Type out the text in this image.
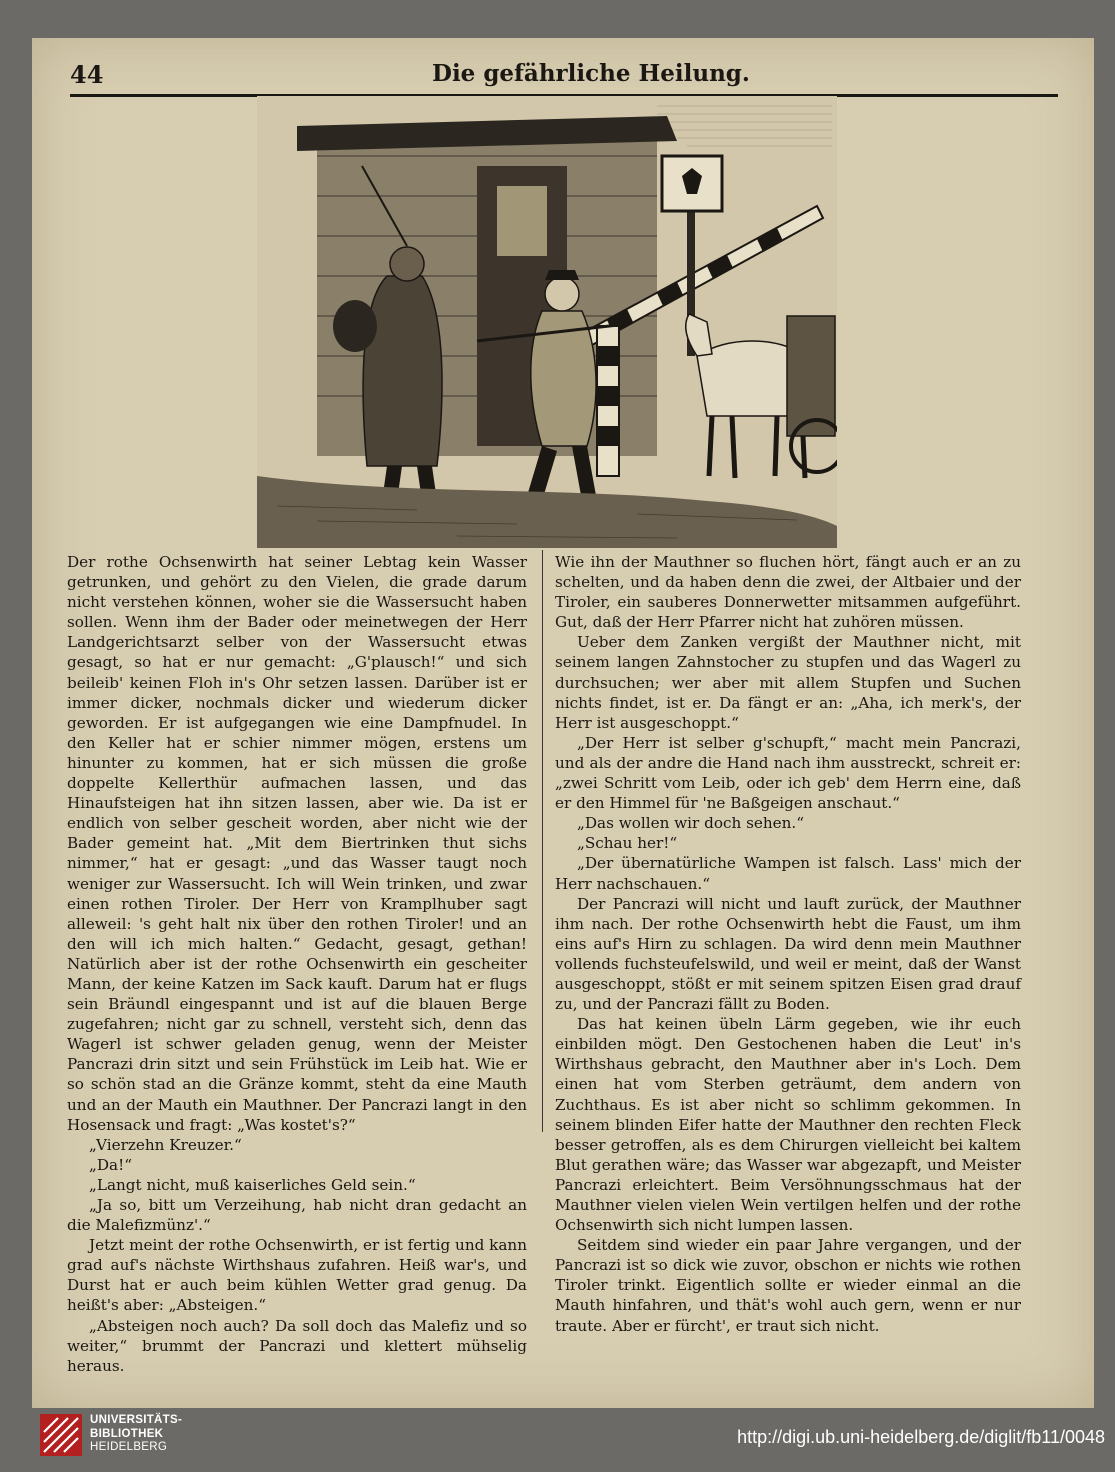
44	Die gefährliche Heilung.

Der rothe Ochsenwirth hat seiner Lebtag kein Wasser getrunken, und gehört zu den Vielen, die grade darum nicht verstehen können, woher sie die Wassersucht haben sollen. Wenn ihm der Bader oder meinetwegen der Herr Landgerichtsarzt selber von der Wassersucht etwas gesagt, so hat er nur gemacht: „G'plausch!“ und sich beileib' keinen Floh in's Ohr setzen lassen. Darüber ist er immer dicker, nochmals dicker und wiederum dicker geworden. Er ist aufgegangen wie eine Dampfnudel. In den Keller hat er schier nimmer mögen, erstens um hinunter zu kommen, hat er sich müssen die große doppelte Kellerthür aufmachen lassen, und das Hinaufsteigen hat ihn sitzen lassen, aber wie. Da ist er endlich von selber gescheit worden, aber nicht wie der Bader gemeint hat. „Mit dem Biertrinken thut sichs nimmer,“ hat er gesagt: „und das Wasser taugt noch weniger zur Wassersucht. Ich will Wein trinken, und zwar einen rothen Tiroler. Der Herr von Kramplhuber sagt alleweil: 's geht halt nix über den rothen Tiroler! und an den will ich mich halten.“ Gedacht, gesagt, gethan! Natürlich aber ist der rothe Ochsenwirth ein gescheiter Mann, der keine Katzen im Sack kauft. Darum hat er flugs sein Bräundl eingespannt und ist auf die blauen Berge zugefahren; nicht gar zu schnell, versteht sich, denn das Wagerl ist schwer geladen genug, wenn der Meister Pancrazi drin sitzt und sein Frühstück im Leib hat. Wie er so schön stad an die Gränze kommt, steht da eine Mauth und an der Mauth ein Mauthner. Der Pancrazi langt in den Hosensack und fragt: „Was kostet's?“

„Vierzehn Kreuzer.“

„Da!“

„Langt nicht, muß kaiserliches Geld sein.“

„Ja so, bitt um Verzeihung, hab nicht dran gedacht an die Malefizmünz'.“

Jetzt meint der rothe Ochsenwirth, er ist fertig und kann grad auf's nächste Wirthshaus zufahren. Heiß war's, und Durst hat er auch beim kühlen Wetter grad genug. Da heißt's aber: „Absteigen.“

„Absteigen noch auch? Da soll doch das Malefiz und so weiter,“ brummt der Pancrazi und klettert mühselig heraus.

Wie ihn der Mauthner so fluchen hört, fängt auch er an zu schelten, und da haben denn die zwei, der Altbaier und der Tiroler, ein sauberes Donnerwetter mitsammen aufgeführt. Gut, daß der Herr Pfarrer nicht hat zuhören müssen.

Ueber dem Zanken vergißt der Mauthner nicht, mit seinem langen Zahnstocher zu stupfen und das Wagerl zu durchsuchen; wer aber mit allem Stupfen und Suchen nichts findet, ist er. Da fängt er an: „Aha, ich merk's, der Herr ist ausgeschoppt.“

„Der Herr ist selber g'schupft,“ macht mein Pancrazi, und als der andre die Hand nach ihm ausstreckt, schreit er: „zwei Schritt vom Leib, oder ich geb' dem Herrn eine, daß er den Himmel für 'ne Baßgeigen anschaut.“

„Das wollen wir doch sehen.“

„Schau her!“

„Der übernatürliche Wampen ist falsch. Lass' mich der Herr nachschauen.“

Der Pancrazi will nicht und lauft zurück, der Mauthner ihm nach. Der rothe Ochsenwirth hebt die Faust, um ihm eins auf's Hirn zu schlagen. Da wird denn mein Mauthner vollends fuchsteufelswild, und weil er meint, daß der Wanst ausgeschoppt, stößt er mit seinem spitzen Eisen grad drauf zu, und der Pancrazi fällt zu Boden.

Das hat keinen übeln Lärm gegeben, wie ihr euch einbilden mögt. Den Gestochenen haben die Leut' in's Wirthshaus gebracht, den Mauthner aber in's Loch. Dem einen hat vom Sterben geträumt, dem andern von Zuchthaus. Es ist aber nicht so schlimm gekommen. In seinem blinden Eifer hatte der Mauthner den rechten Fleck besser getroffen, als es dem Chirurgen vielleicht bei kaltem Blut gerathen wäre; das Wasser war abgezapft, und Meister Pancrazi erleichtert. Beim Versöhnungsschmaus hat der Mauthner vielen vielen Wein vertilgen helfen und der rothe Ochsenwirth sich nicht lumpen lassen.

Seitdem sind wieder ein paar Jahre vergangen, und der Pancrazi ist so dick wie zuvor, obschon er nichts wie rothen Tiroler trinkt. Eigentlich sollte er wieder einmal an die Mauth hinfahren, und thät's wohl auch gern, wenn er nur traute. Aber er fürcht', er traut sich nicht.

UNIVERSITÄTS-
BIBLIOTHEK
HEIDELBERG	http://digi.ub.uni-heidelberg.de/diglit/fb11/0048
